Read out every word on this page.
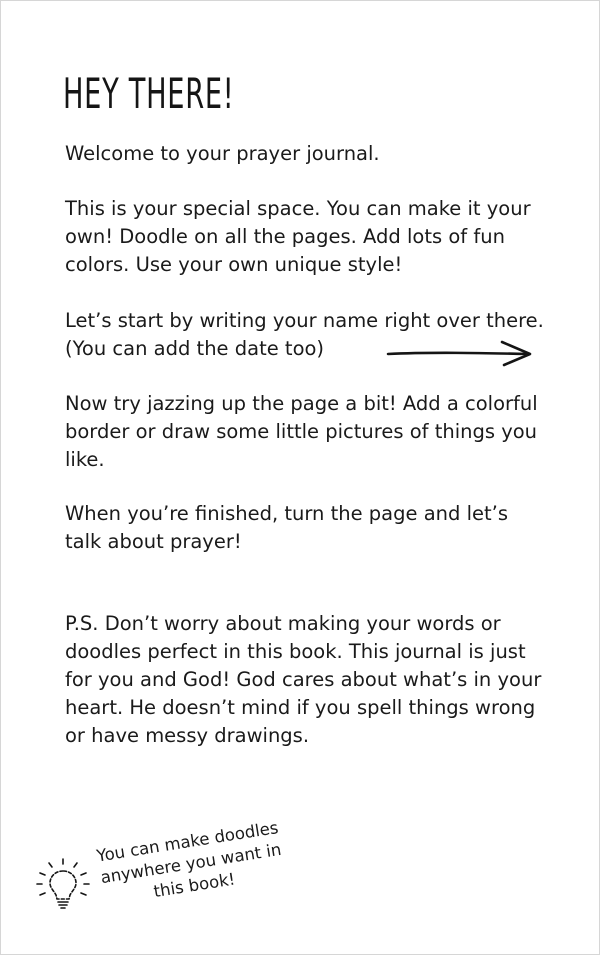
HEY THERE!

Welcome to your prayer journal.

This is your special space. You can make it your
own! Doodle on all the pages. Add lots of fun
colors. Use your own unique style!

Let’s start by writing your name right over there.
(You can add the date too)

Now try jazzing up the page a bit! Add a colorful
border or draw some little pictures of things you
like.

When you’re finished, turn the page and let’s
talk about prayer!

P.S. Don’t worry about making your words or
doodles perfect in this book. This journal is just
for you and God! God cares about what’s in your
heart. He doesn’t mind if you spell things wrong
or have messy drawings.

You can make doodles
anywhere you want in
this book!
